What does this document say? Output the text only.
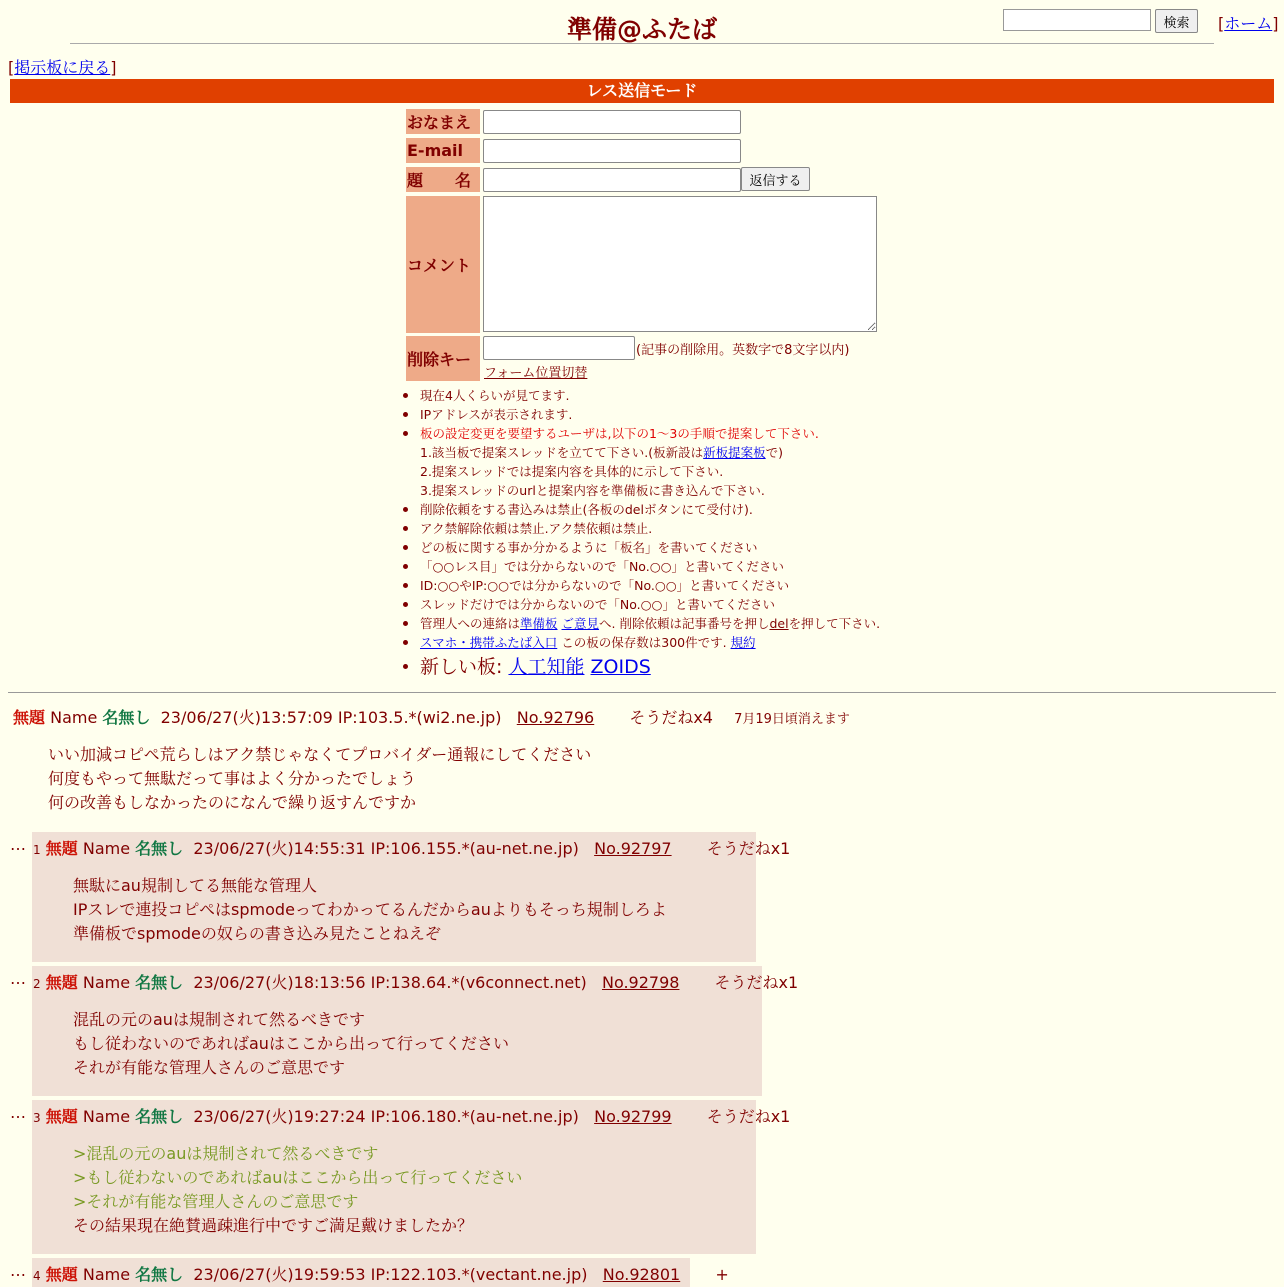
準備@ふたば	検索	[ホーム]
[掲示板に戻る]
レス送信モード
おなまえ
E-mail
題　　名	返信する
コメント
削除キー	(記事の削除用。英数字で8文字以内)
フォーム位置切替
現在4人くらいが見てます.
IPアドレスが表示されます.
板の設定変更を要望するユーザは,以下の1〜3の手順で提案して下さい.
1.該当板で提案スレッドを立てて下さい.(板新設は新板提案板で)
2.提案スレッドでは提案内容を具体的に示して下さい.
3.提案スレッドのurlと提案内容を準備板に書き込んで下さい.
削除依頼をする書込みは禁止(各板のdelボタンにて受付け).
アク禁解除依頼は禁止.アク禁依頼は禁止.
どの板に関する事か分かるように「板名」を書いてください
「○○レス目」では分からないので「No.○○」と書いてください
ID:○○やIP:○○では分からないので「No.○○」と書いてください
スレッドだけでは分からないので「No.○○」と書いてください
管理人への連絡は準備板 ご意見へ. 削除依頼は記事番号を押しdelを押して下さい.
スマホ・携帯ふたば入口 この板の保存数は300件です. 規約
新しい板: 人工知能 ZOIDS
無題 Name 名無し 23/06/27(火)13:57:09 IP:103.5.*(wi2.ne.jp) No.92796 そうだねx4 7月19日頃消えます
いい加減コピペ荒らしはアク禁じゃなくてプロバイダー通報にしてください
何度もやって無駄だって事はよく分かったでしょう
何の改善もしなかったのになんで繰り返すんですか
… 1 無題 Name 名無し 23/06/27(火)14:55:31 IP:106.155.*(au-net.ne.jp) No.92797 そうだねx1
無駄にau規制してる無能な管理人
IPスレで連投コピペはspmodeってわかってるんだからauよりもそっち規制しろよ
準備板でspmodeの奴らの書き込み見たことねえぞ
… 2 無題 Name 名無し 23/06/27(火)18:13:56 IP:138.64.*(v6connect.net) No.92798 そうだねx1
混乱の元のauは規制されて然るべきです
もし従わないのであればauはここから出って行ってください
それが有能な管理人さんのご意思です
… 3 無題 Name 名無し 23/06/27(火)19:27:24 IP:106.180.*(au-net.ne.jp) No.92799 そうだねx1
>混乱の元のauは規制されて然るべきです
>もし従わないのであればauはここから出って行ってください
>それが有能な管理人さんのご意思です
その結果現在絶賛過疎進行中ですご満足戴けましたか？
… 4 無題 Name 名無し 23/06/27(火)19:59:53 IP:122.103.*(vectant.ne.jp) No.92801 +
